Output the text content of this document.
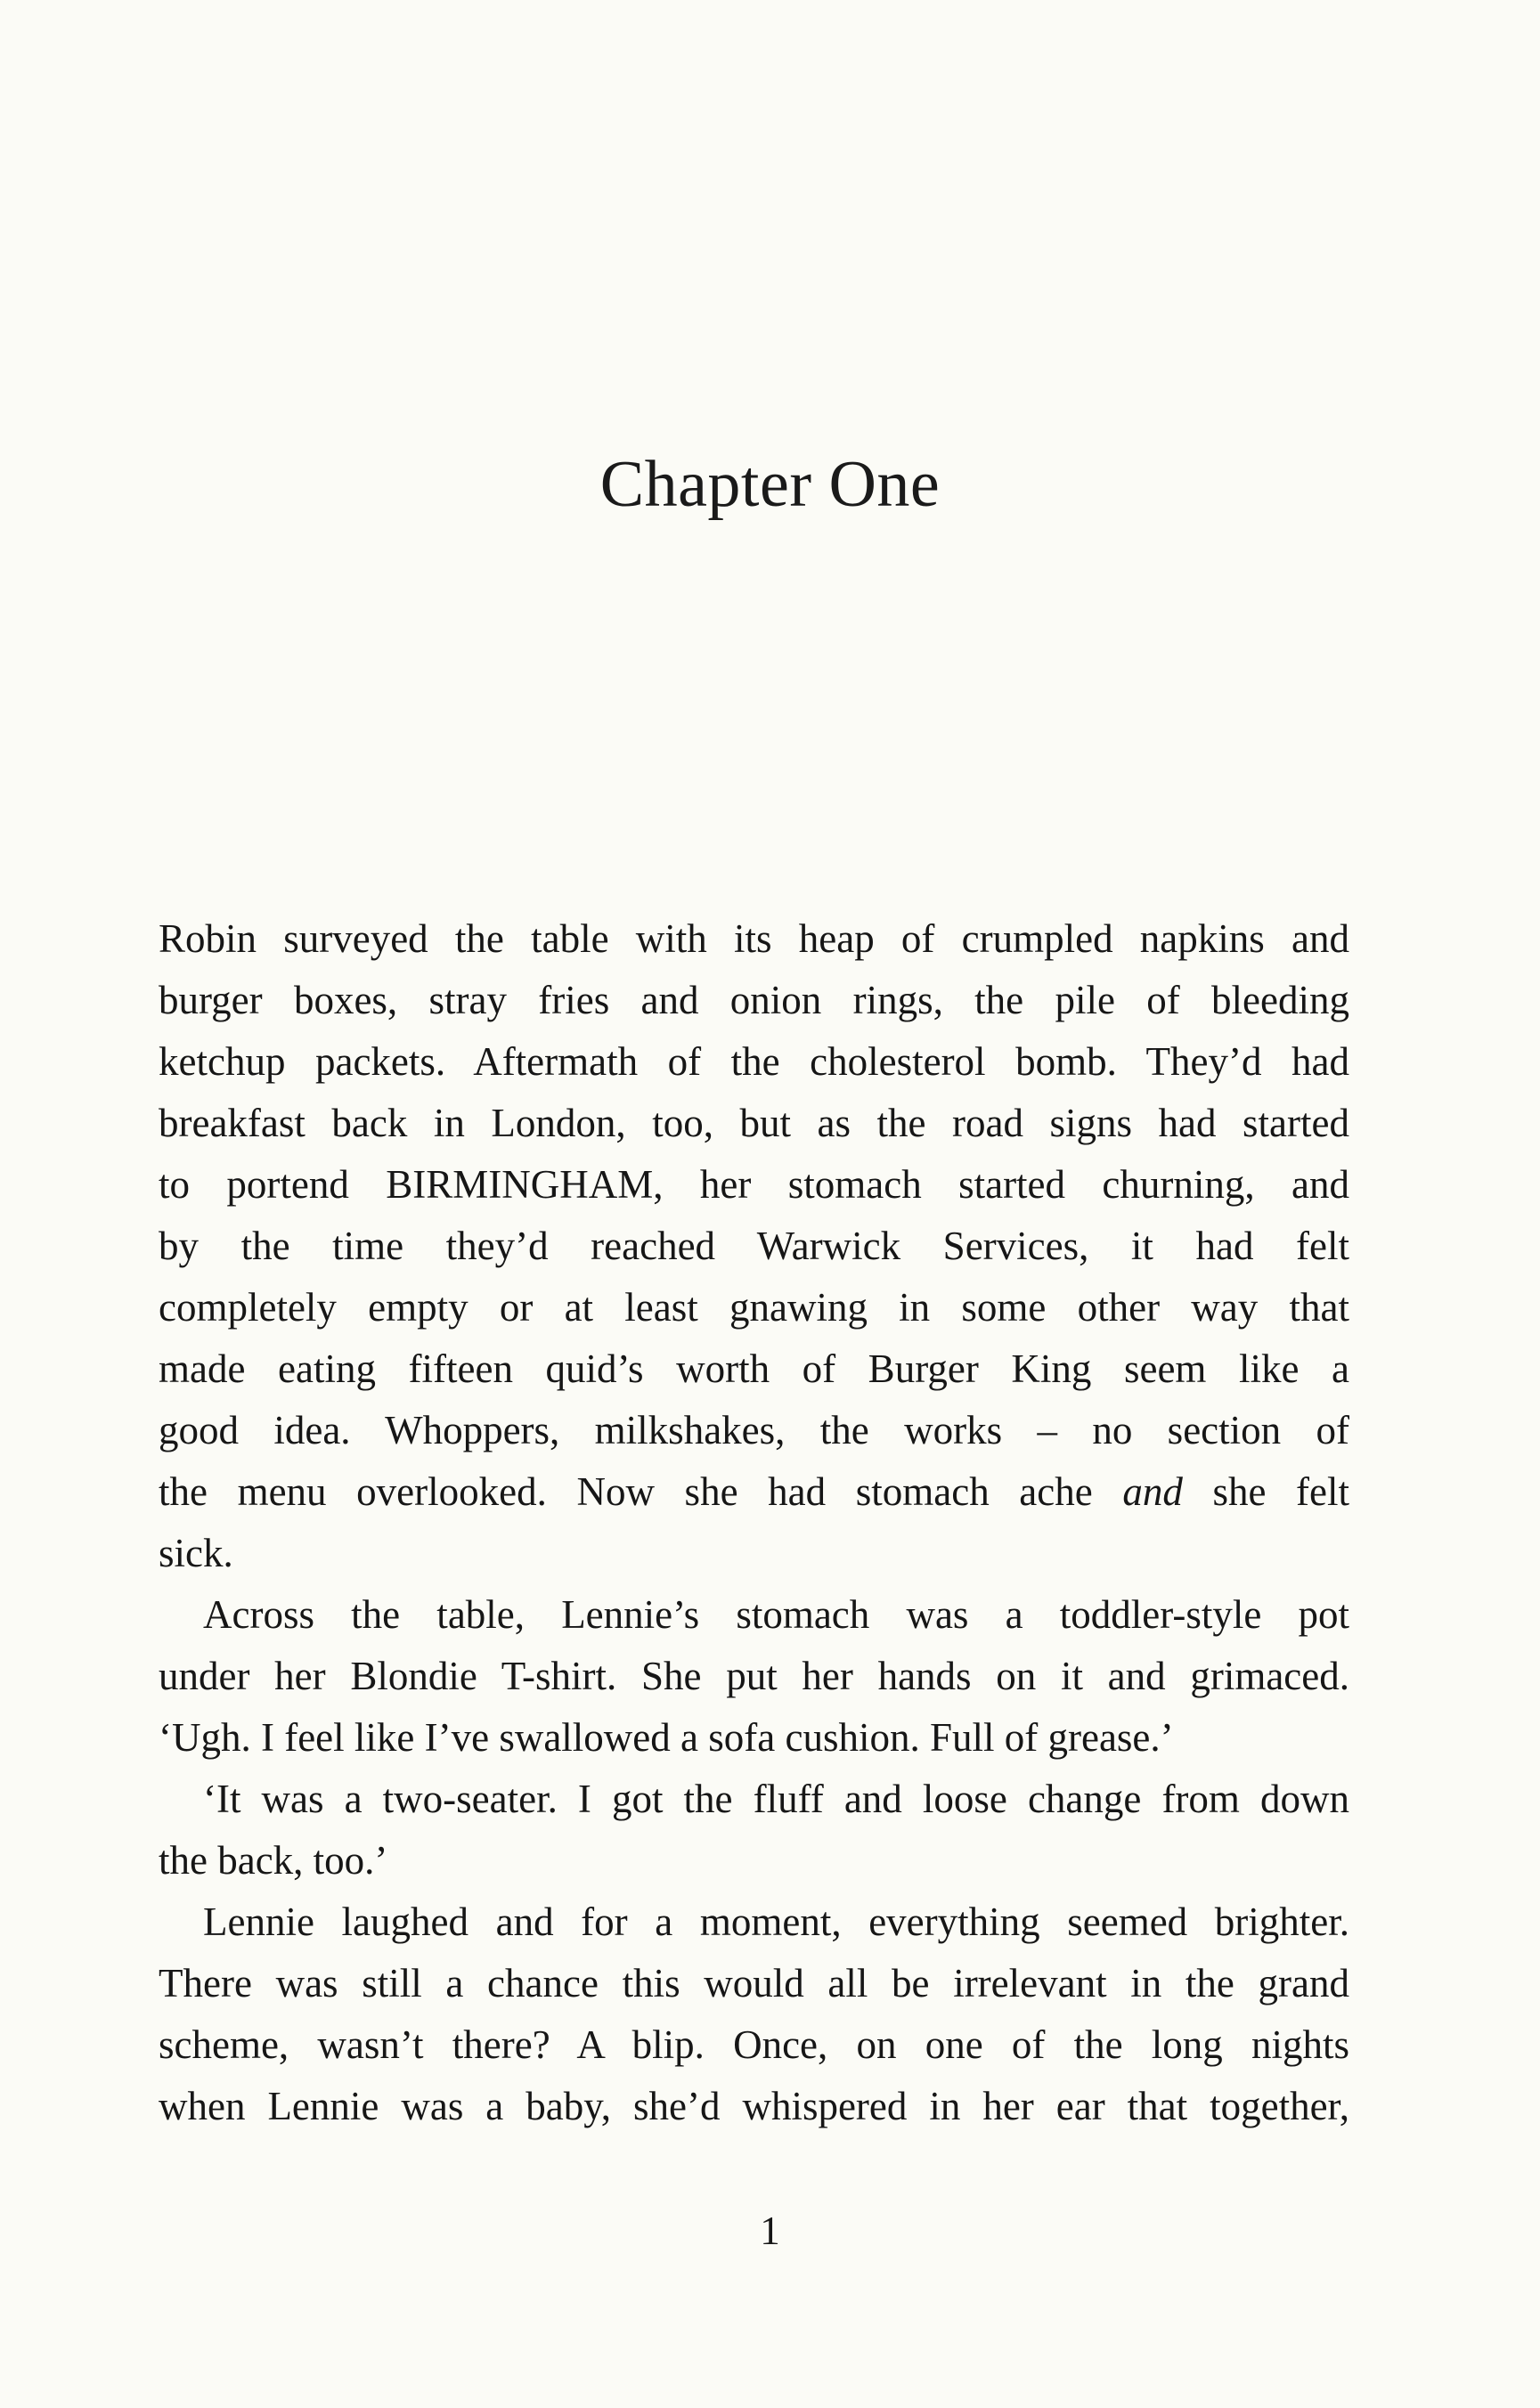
Chapter One

Robin surveyed the table with its heap of crumpled napkins and
burger boxes, stray fries and onion rings, the pile of bleeding
ketchup packets. Aftermath of the cholesterol bomb. They’d had
breakfast back in London, too, but as the road signs had started
to portend BIRMINGHAM, her stomach started churning, and
by the time they’d reached Warwick Services, it had felt
completely empty or at least gnawing in some other way that
made eating fifteen quid’s worth of Burger King seem like a
good idea. Whoppers, milkshakes, the works – no section of
the menu overlooked. Now she had stomach ache and she felt
sick.

Across the table, Lennie’s stomach was a toddler-style pot
under her Blondie T-shirt. She put her hands on it and grimaced.
‘Ugh. I feel like I’ve swallowed a sofa cushion. Full of grease.’

‘It was a two-seater. I got the fluff and loose change from down
the back, too.’

Lennie laughed and for a moment, everything seemed brighter.
There was still a chance this would all be irrelevant in the grand
scheme, wasn’t there? A blip. Once, on one of the long nights
when Lennie was a baby, she’d whispered in her ear that together,

1
